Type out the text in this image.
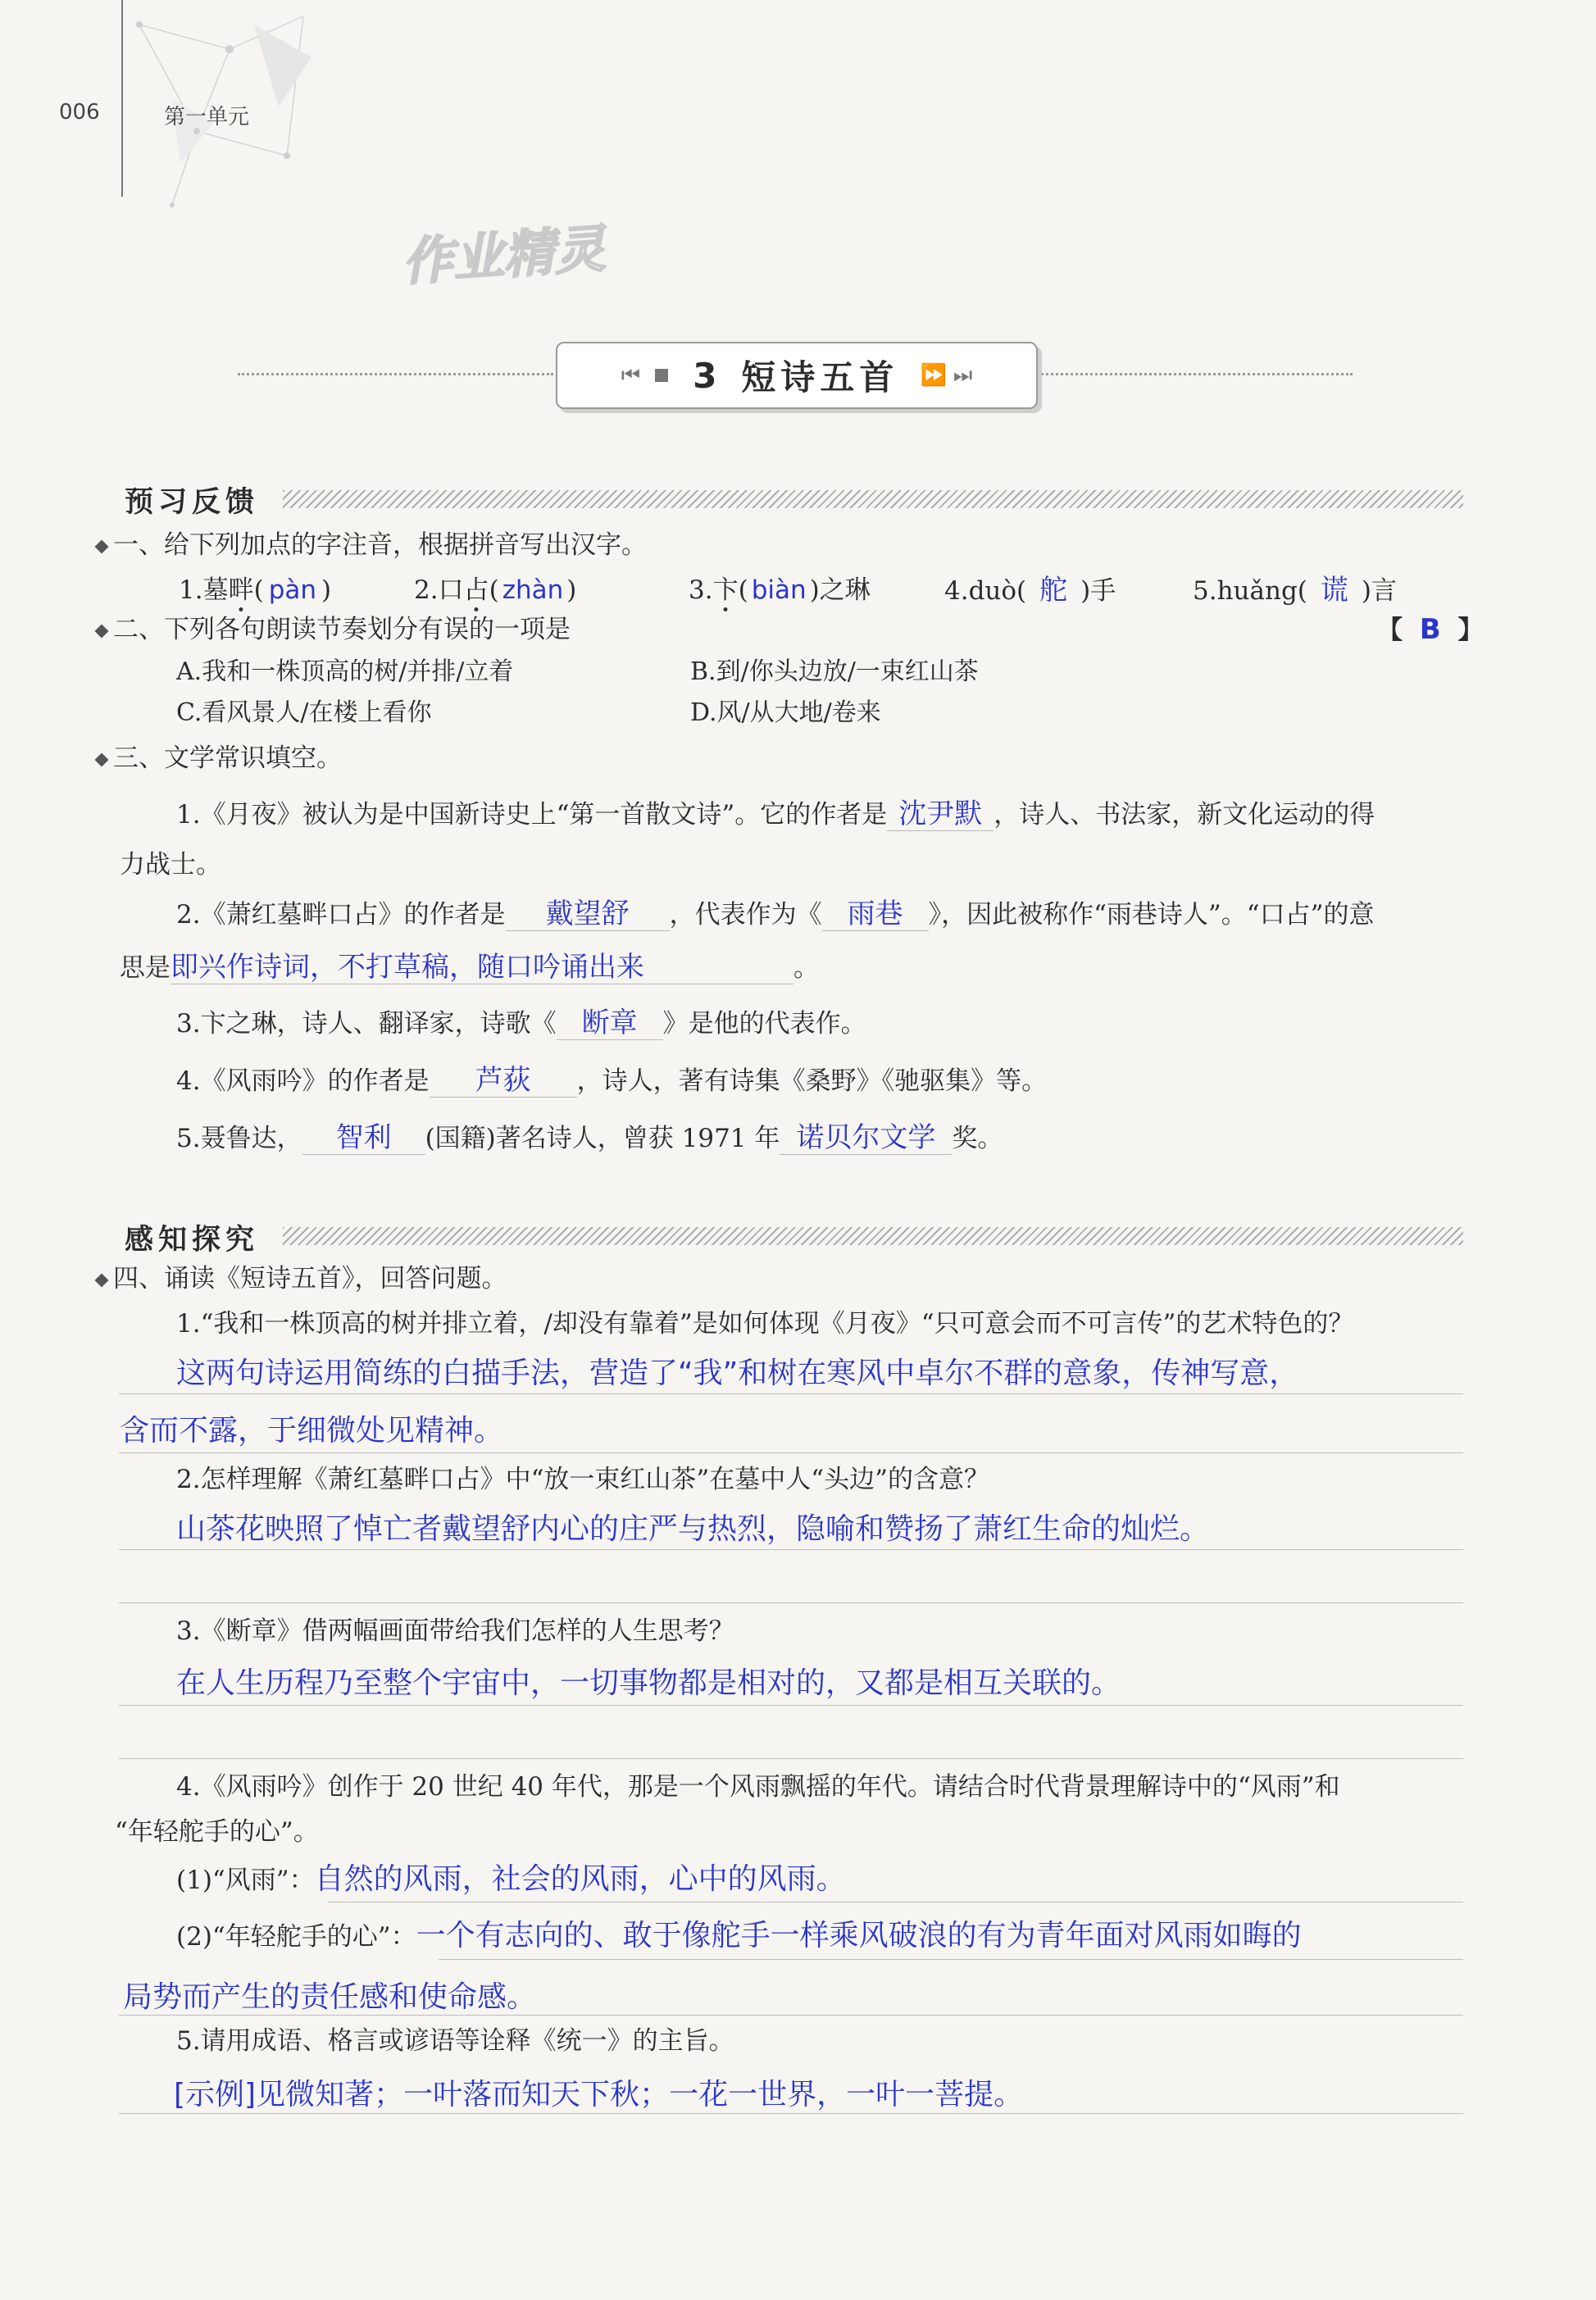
006	第一单元
作业精灵
⏮ 3 短诗五首 ⏩ ⏭
预习反馈
一、给下列加点的字注音，根据拼音写出汉字。
1.墓畔( pàn )	2.口占( zhàn )	3.卞( biàn )之琳	4.duò( 舵 )手	5.huǎng( 谎 )言
二、下列各句朗读节奏划分有误的一项是	【 B 】
A.我和一株顶高的树/并排/立着	B.到/你头边放/一束红山茶
C.看风景人/在楼上看你	D.风/从大地/卷来
三、文学常识填空。
1.《月夜》被认为是中国新诗史上“第一首散文诗”。它的作者是 沈尹默 ，诗人、书法家，新文化运动的得
力战士。
2.《萧红墓畔口占》的作者是 戴望舒 ，代表作为《 雨巷 》，因此被称作“雨巷诗人”。“口占”的意
思是即兴作诗词，不打草稿，随口吟诵出来	。
3.卞之琳，诗人、翻译家，诗歌《 断章 》是他的代表作。
4.《风雨吟》的作者是 芦荻 ，诗人，著有诗集《桑野》《驰驱集》等。
5.聂鲁达， 智利 (国籍)著名诗人，曾获 1971 年 诺贝尔文学 奖。
感知探究
四、诵读《短诗五首》，回答问题。
1.“我和一株顶高的树并排立着，/却没有靠着”是如何体现《月夜》“只可意会而不可言传”的艺术特色的？
这两句诗运用简练的白描手法，营造了“我”和树在寒风中卓尔不群的意象，传神写意，
含而不露，于细微处见精神。
2.怎样理解《萧红墓畔口占》中“放一束红山茶”在墓中人“头边”的含意？
山茶花映照了悼亡者戴望舒内心的庄严与热烈，隐喻和赞扬了萧红生命的灿烂。
3.《断章》借两幅画面带给我们怎样的人生思考？
在人生历程乃至整个宇宙中，一切事物都是相对的，又都是相互关联的。
4.《风雨吟》创作于 20 世纪 40 年代，那是一个风雨飘摇的年代。请结合时代背景理解诗中的“风雨”和
“年轻舵手的心”。
(1)“风雨”：自然的风雨，社会的风雨，心中的风雨。
(2)“年轻舵手的心”：一个有志向的、敢于像舵手一样乘风破浪的有为青年面对风雨如晦的
局势而产生的责任感和使命感。
5.请用成语、格言或谚语等诠释《统一》的主旨。
[示例]见微知著；一叶落而知天下秋；一花一世界，一叶一菩提。
